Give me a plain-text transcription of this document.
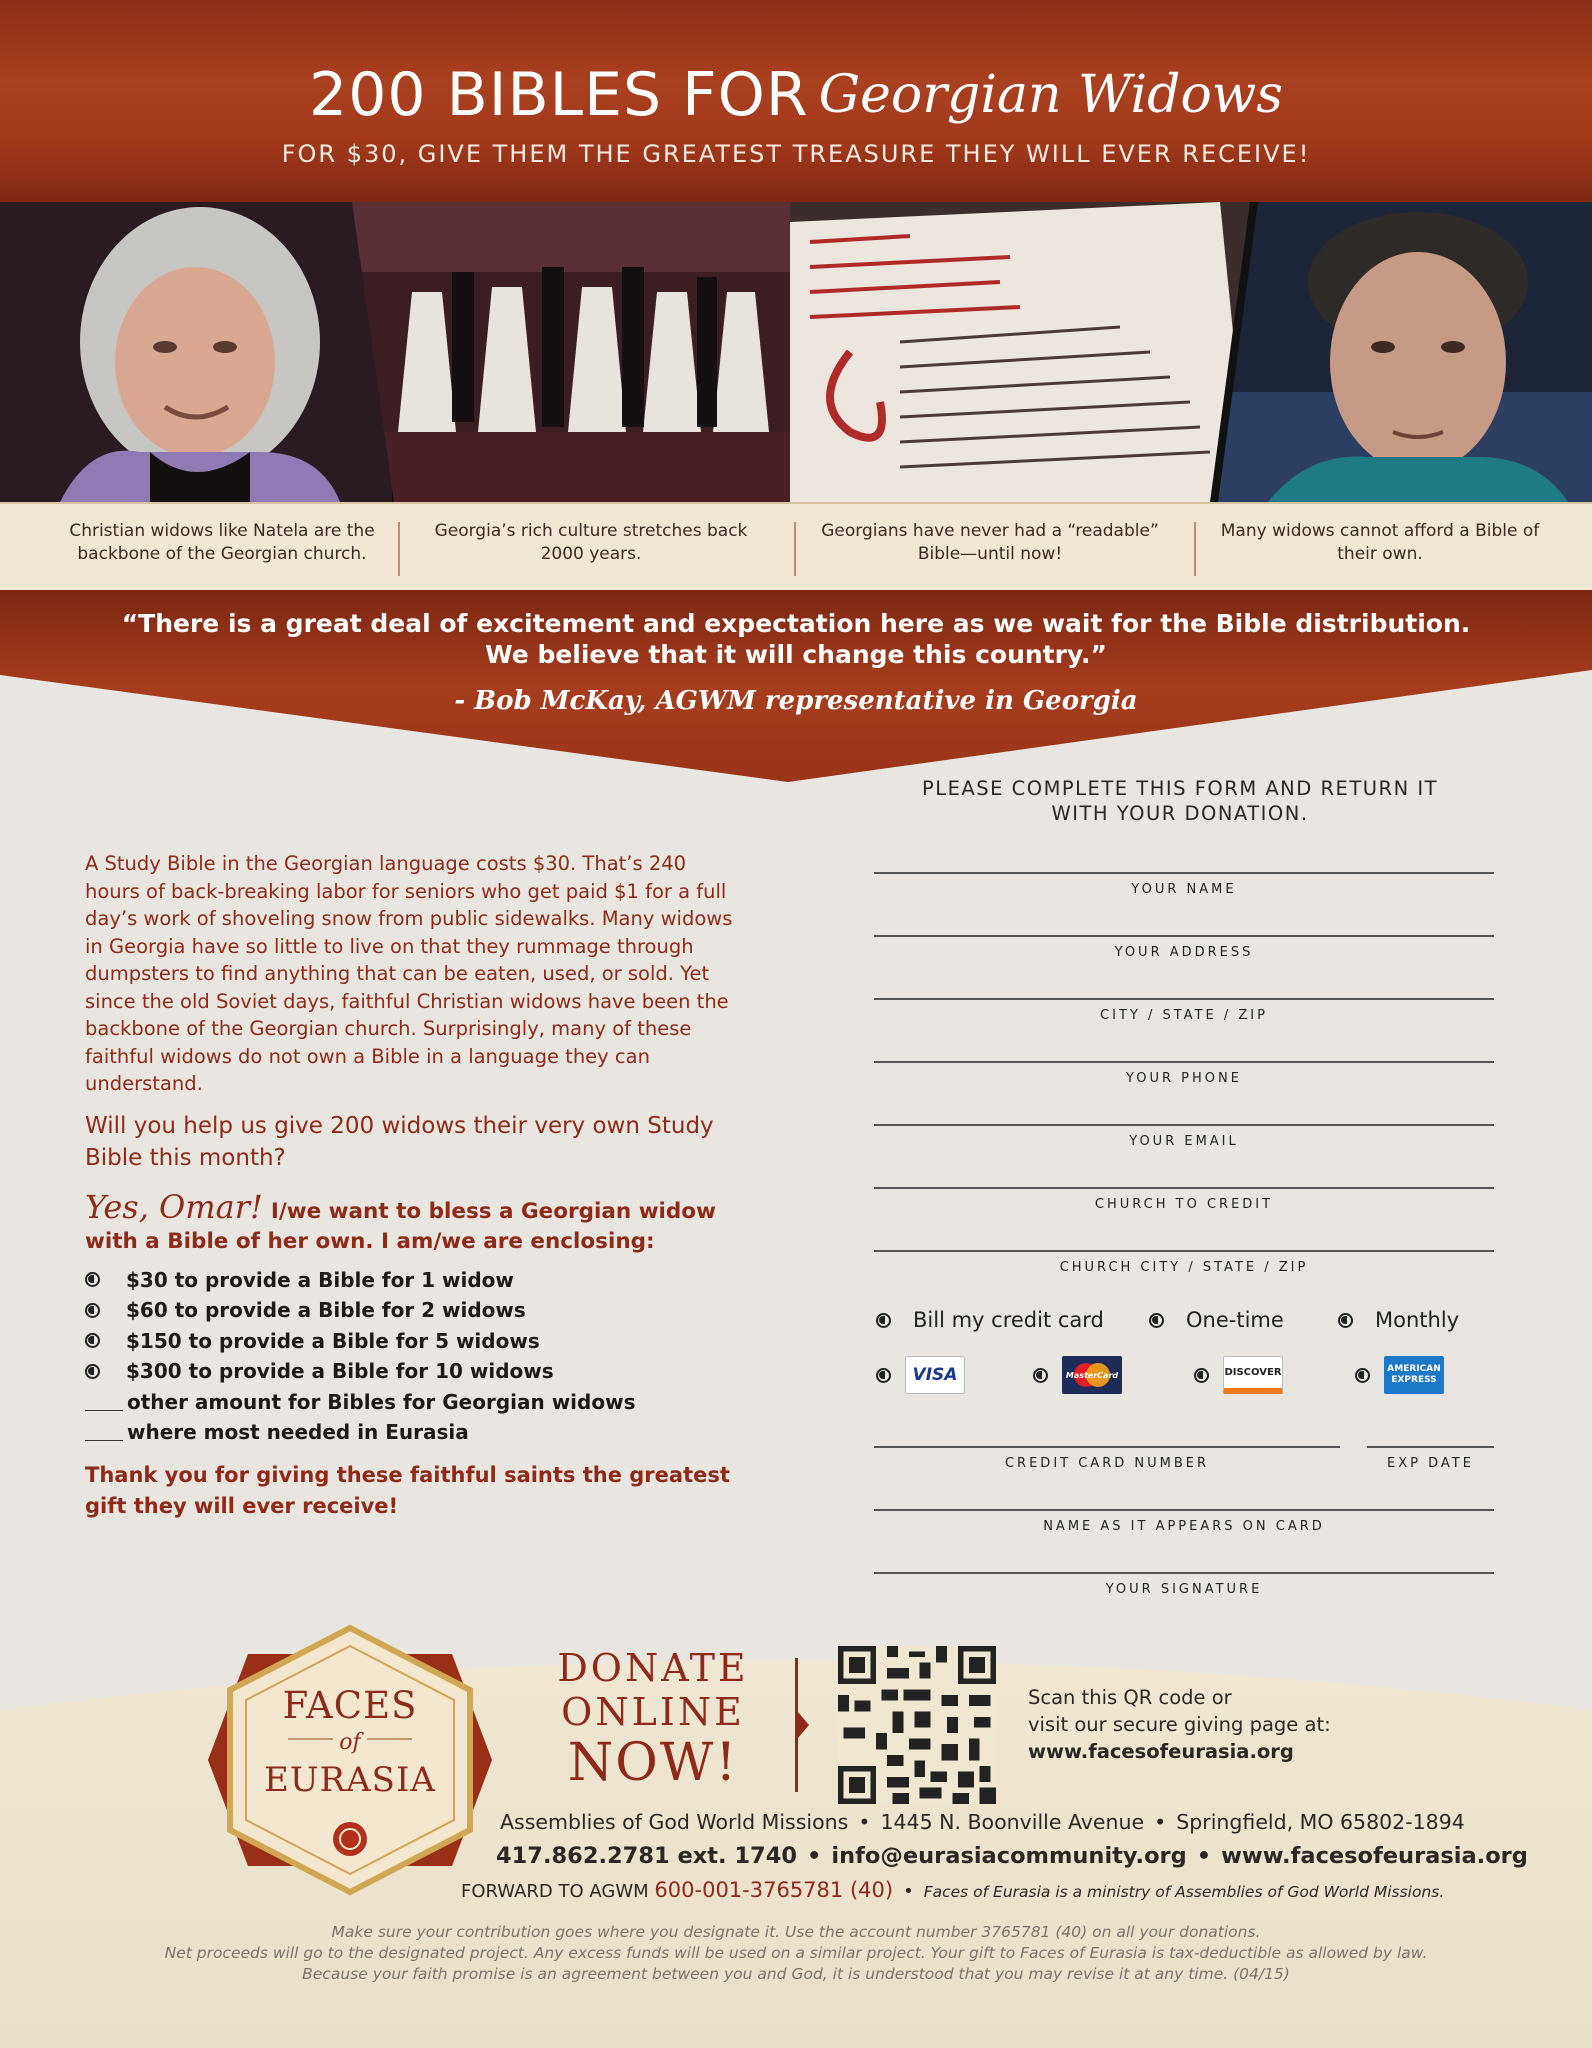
200 BIBLES FOR Georgian Widows
FOR $30, GIVE THEM THE GREATEST TREASURE THEY WILL EVER RECEIVE!
Christian widows like Natela are the backbone of the Georgian church.
Georgia’s rich culture stretches back 2000 years.
Georgians have never had a “readable” Bible—until now!
Many widows cannot afford a Bible of their own.
“There is a great deal of excitement and expectation here as we wait for the Bible distribution. We believe that it will change this country.”
- Bob McKay, AGWM representative in Georgia

A Study Bible in the Georgian language costs $30. That’s 240 hours of back-breaking labor for seniors who get paid $1 for a full day’s work of shoveling snow from public sidewalks. Many widows in Georgia have so little to live on that they rummage through dumpsters to find anything that can be eaten, used, or sold. Yet since the old Soviet days, faithful Christian widows have been the backbone of the Georgian church. Surprisingly, many of these faithful widows do not own a Bible in a language they can understand.

Will you help us give 200 widows their very own Study Bible this month?

Yes, Omar! I/we want to bless a Georgian widow with a Bible of her own. I am/we are enclosing:

$30 to provide a Bible for 1 widow
$60 to provide a Bible for 2 widows
$150 to provide a Bible for 5 widows
$300 to provide a Bible for 10 widows
other amount for Bibles for Georgian widows
where most needed in Eurasia

Thank you for giving these faithful saints the greatest gift they will ever receive!

PLEASE COMPLETE THIS FORM AND RETURN IT WITH YOUR DONATION.
YOUR NAME
YOUR ADDRESS
CITY / STATE / ZIP
YOUR PHONE
YOUR EMAIL
CHURCH TO CREDIT
CHURCH CITY / STATE / ZIP
Bill my credit card	One-time	Monthly
VISA	MasterCard	DISCOVER	AMERICAN EXPRESS
CREDIT CARD NUMBER	EXP DATE
NAME AS IT APPEARS ON CARD
YOUR SIGNATURE
FACES
of
EURASIA
DONATE
ONLINE
NOW!
Scan this QR code or
visit our secure giving page at:
www.facesofeurasia.org
Assemblies of God World Missions • 1445 N. Boonville Avenue • Springfield, MO 65802-1894
417.862.2781 ext. 1740 • info@eurasiacommunity.org • www.facesofeurasia.org
FORWARD TO AGWM 600-001-3765781 (40) • Faces of Eurasia is a ministry of Assemblies of God World Missions.
Make sure your contribution goes where you designate it. Use the account number 3765781 (40) on all your donations.
Net proceeds will go to the designated project. Any excess funds will be used on a similar project. Your gift to Faces of Eurasia is tax-deductible as allowed by law.
Because your faith promise is an agreement between you and God, it is understood that you may revise it at any time. (04/15)
